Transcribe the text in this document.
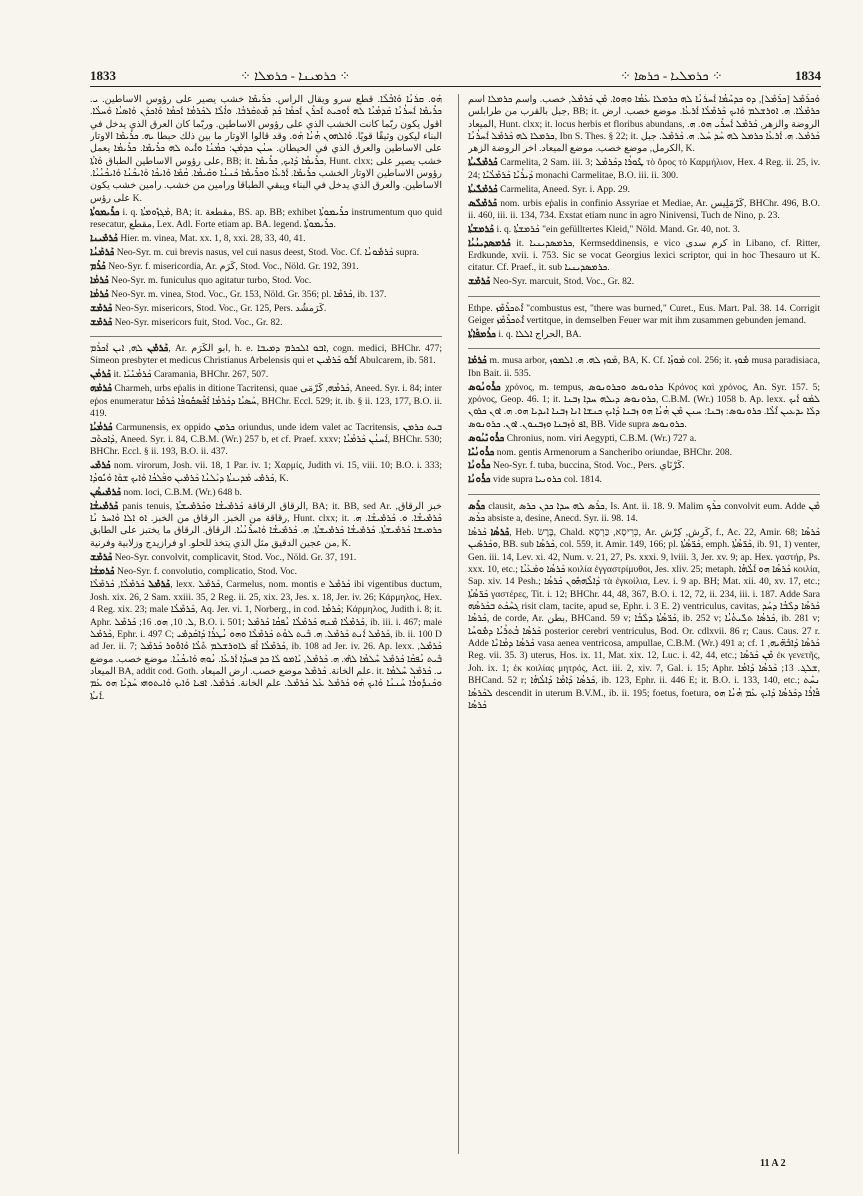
1833	⁘ ܟܪܡܝܢܐ - ܟܪܡܠܐ ⁘	⁘ ܟܪܡܠܝܐ - ܟܪܣܐ ⁘	1834

ܗܰܘ. ܩܪܳܢܳܐ ܘܰܐܒܳܠܳܐ. قطع سرو ويقال الرأس. ܟܪܺܝܡܶܐ خشب يصير على رؤوس الاساطين. ܝ. ܟܪܺܝܡܶܐ ܐܰܚܪܳܢܳܐ ܩܰܕܡܳܝܳܐ ܠܗ ܐܰܘܟܝܬ ܐܰܟܪܶܢ ܐܰܟܡܳܐ ܟܰܕ ܡܶܬܩܰܪܒܳܐ. ܘܐܳܠܳܐ ܠܟܰܪܡܳܐ ܐܰܟܡܳܐ ܘܰܐܟܕܰܢ ܘܰܐܣܝܳܐ ܘܰܚܠܳܐ. اقول يكون ربّما كانت الخشب الذي على رؤوس الاساطين. وربّما كان العرق الذي يدخل في البناء ليكون وثيقًا قويًا. ܘܰܐܠܗܘܢ ܗܳܢܳܐ ܗܰܘ. وقد قالوا الاوتار ما بين ذلك حبطا ܝܗ. ܟܪܺܝܡܶܐ الاوتار على الاساطين والعرق الذي في الحيطان. ܚܢܳܢ ܟܕܡܰܢ: ܟܡܳܢܳܐ ܘܐܺܝܬ ܠܗ ܟܪܺܝܡܶܐ. ܟܪܺܝܡܳܐ يعمل على رؤوس الاساطين الطباق ܘܰܐܬܳܐ, BB; it. ܟܪܺܝܡܳܐ ܕܰܐܝܟ, ܟܪܺܝܡܶܐ, Hunt. clxx; خشب يصير على رؤوس الاساطين الاوتار الخشب ܟܪܺܝܡܶܐ. ܐܰܪܥܳܐ ܘܟܪܺܝܡܶܐ ܟܰܢܢܳܐ ܘܩܰܝܡܳܐ. ܩܳܡܶܐ ܘܰܐܝܟܳܐ ܘܰܐܝܟܳܢܳܐ ܘܰܐܝܟܳܢܳܝܳܐ. الاساطين. والعرق الذي يدخل في البناء ويبقي الطباقا ورامين من خشب. رامين خشب يكون على رؤس K.

ܟܪܺܝܡܘܬܳܐ i. q. ܡܰܓܙܽܘܡܬܳܐ, BA; it. مقطعة, BS. ap. BB; exhibet ܟܪܺܝܡܘܬܳܐ instrumentum quo quid resecatur, مقطع, Lex. Adl. Forte etiam ap. BA. legend. ܟܪܺܝܡܘܬܳܐ.

ܟܰܪܡܺܝܢܐ Hier. m. vinea, Mat. xx. 1, 8, xxi. 28, 33, 40, 41.

ܟܰܪܡܰܢܳܐ Neo-Syr. m. cui brevis nasus, vel cui nasus deest, Stod. Voc. Cf. ܟܰܪܡܽܘܢܳܐ supra.

ܟܰܪܰܡ Neo-Syr. f. misericordia, Ar. كَرَم, Stod. Voc., Nöld. Gr. 192, 391.

ܟܰܪܡܳܐ Neo-Syr. m. funiculus quo agitatur turbo, Stod. Voc.

ܟܰܪܡܳܐ Neo-Syr. m. vinea, Stod. Voc., Gr. 153, Nöld. Gr. 356; pl. ܟܰܪܡܶܐ, ib. 137.

ܟܰܪܡܶܫ Neo-Syr. misericors, Stod. Voc., Gr. 125, Pers. كَرَمشُد.

ܟܰܪܡܶܫ Neo-Syr. misericors fuit, Stod. Voc., Gr. 82.

ܟܰܪܡܺܢ ܠܗ, ܐܝܢ ܐܰܟܪܰܡ, Ar. ابو الكَرَم, h. e. ܐܒܘ ܐܠܟܪܡ ܕܡܝܒܐ, cogn. medici, BHChr. 477; Simeon presbyter et medicus Christianus Arbelensis qui et ܐܰܒܽܘ ܟܰܪܡܺܝܢ Abulcarem, ib. 581.

ܟܰܪܡܳܢ it. ܟܰܪܡܳܢܺܝܰܐ Caramania, BHChr. 267, 507.

ܟܰܪܡܰܗ Charmeh, urbs eṗalis in ditione Tacritensi, quae ܟܰܪܡܳܗ, كَرْمَى, Aneed. Syr. i. 84; inter eṗos enumeratur ܚܰܣܝܳܐ ܕܟܰܪܡܳܐ ܐܰܦܶܣܩܽܘܦܳܐ ܟܰܪܡܳܐ, BHChr. Eccl. 529; it. ib. § ii. 123, 177, B.O. ii. 419.

ܟܰܪܡܳܝܳܐ Carmunensis, ex oppido ܟܪܡܢ oriundus, unde idem valet ac Tacritensis, ܒܝܬ ܟܪܡܢ ܕܰܐܟܬܶܒ, Aneed. Syr. i. 84, C.B.M. (Wr.) 257 b, et cf. Praef. xxxv; ܐܰܚܢܳܢ ܟܰܪܡܳܝܳܐ, BHChr. 530; BHChr. Eccl. § ii. 193, B.O. ii. 437.

ܟܰܪܡܺܝ nom. virorum, Josh. vii. 18, 1 Par. iv. 1; Χαρμίς, Judith vi. 15, viii. 10; B.O. i. 333; ܟܰܪܡܺܝ ܡܰܕܝܢܬܳܐ ܕܝܰܠܢܳܐ ܟܰܪܡܺܝܢ ܘܦܰܠܟܳܐ ܘܰܐܝܟ ܫܘܰܐ ܘܰܝܽܘܕܳܐ, K.

ܟܰܪܡܺܝܣܳܢ nom. loci, C.B.M. (Wr.) 648 b.

ܟܰܪܡܺܝܫܳܐ panis tenuis, الرقاق الرقاقة ܟܰܪܡܺܝܫܳܐ ܘܟܰܪܡܺܝܫܬܳܐ, BA; it. BB, sed Ar. خبز الرقاق, رقاقة من الخبز. الرقاق من الخبز. ܐܘ ܐܠܐ ܘܰܐܚܪ ܢܳܐ, Hunt. clxx; it. ܟܰܪܡܺܝܫܳܐ. ܘ. ܟܰܪܡܺܝܫܳܐ. ܗ. ܟܪܡܝܫܐ ܟܰܪܡܺܝܫܬܳܐ. ܟܰܪܡܺܝܫܳܐ ܟܰܪܡܺܝܫܬܳܐ. ܗ. ܟܰܪܡܺܝܫܳܐ ܘܰܐܚܪܶܢܳܝܳܐ. الرقاق. الرقاق ما يختبز على الطابق من عجين الدقيق مثل الذي يتخذ للحلو. او فرازيدج وزلابية وفرنية, K.

ܟܰܪܡܶܫ Neo-Syr. convolvit, complicavit, Stod. Voc., Nöld. Gr. 37, 191.

ܟܰܪܡܫܳܐ Neo-Syr. f. convolutio, complicatio, Stod. Voc.

ܟܰܪܡܶܠ ܟܰܪܡܶܠܳܐ, ܟܰܪܡܶܠܳܐ, lexx. ܟܰܪܡܶܠ, Carmelus, nom. montis e ܟܰܪܡܶܠ ibi vigentibus ductum, Josh. xix. 26, 2 Sam. xxiii. 35, 2 Reg. ii. 25, xix. 23, Jes. x. 18, Jer. iv. 26; Κάρμηλος, Hex. 4 Reg. xix. 23; male ܟܰܪܡܶܠܳܐ, Aq. Jer. vi. 1, Norberg., in cod. ܟܰܪܡܳܐ; Κάρμηλος, Judith i. 8; it. Aphr. ܠ. 10, ܗܘ. 16; ܟܰܪܡܶܠ, B.O. i. 501; ܟܰܪܡܶܠܳܐ ܡܶܢܗ ܟܰܪܡܶܠܳܐ ܢܳܦܩܳܐ ܟܰܪܡܶܠ, ib. iii. i. 467; male ܟܰܪܡܶܠ, Ephr. i. 497 C; ܟܰܪܡܶܠ ܐܰܢܬ ܟܰܪܡܶܠ. ܗ. ܒܶܝܬ ܠܘܳܬ ܟܰܪܡܶܠܳܐ ܘܗܘ ܢܳܛܪܳܐ ܕܰܐܩܰܕܡܺܝ, ib. ii. 100 D ad Jer. ii. 7; ܟܰܪܡܶܠܳܐ ܐܳܦ ܠܐܘܪܫܠܡ ܬܶܠܳܐ ܘܰܐܘܽܘܪ ܟܰܪܡܶܠ, ib. 108 ad Jer. iv. 26. Ap. lexx. ܟܰܪܡܶܠ, ܒܶܝܬ ܢܳܦܩܳܐ ܟܰܪܡܶܠ ܚܶܠܡܳܐ ܠܗܶܝ. ܗ. ܟܰܪܡܶܠ, ܝܰܐܡܘ ܠܰܐ ܟܕ ܦܚܕܳܐ ܐܰܪܥܳܐ. ܢܳܘܗ ܘܰܐܝܟܳܢܳܐ. موضع خصب. موضع الميعاد BA, addit cod. Goth. علم الخانة. ܟܰܪܡܶܠ موضع خصب. ارض الميعاد. it. ܝ. ܟܰܪܡܶܠ ܚܶܠܡܳܐ ܘܟܰܢܕܽܘܪܳܐ ܚܰܢܢܳܐ ܘܰܐܝܟ ܗܰܘ ܟܰܪܡܶܠ ܥܰܠ ܟܰܪܡܶܠ. علم الخانة. ܟܰܪܡܶܠ. ܐܦܝܐ ܘܰܐܝܟ ܘܰܐܝܬܘܗܝ ܚܰܕܝܳܐ ܗܘ ܥܰܡ ܐܰܢܬܳܐ.

ܘܰܟܪܶܡܶܠ [ܟܪܶܡܶܠ], ܕܘ ܟܕܚܶܡܳܐ ܐܰܚܪܳܢܳܐ ܠܗ ܟܪܡܠܐ ܥܰܡܳܐ ܘܗܘܐ. ܡܶܢ ܟܰܪܡܶܠ, خصب. واسم ܟܪܡܠܐ اسم جبل بالقرب من طرابلس, BB; it. ܟܪܡܶܠܳܐ. ܗ. ܐܘܪܫܠܡ ܘܰܐܝܟ ܟܰܪܡܶܠܳܐ ܐܰܪܥܳܐ. موضع خصب. ارض الميعاد, Hunt. clxx; it. locus herbis et floribus abundans, الروضة والزهر, ܟܰܪܡܶܠ ܐܰܚܪܺܝ ܗܘ. ܗ. ܟܪܡܠܐ ܠܗ ܟܰܪܡܶܠ ܐܰܚܪܳܢܳܐ, Ibn S. Thes. § 22; it. ܟܰܪܡܶܠ. ܗ. ܐܰܪܥܳܐ ܟܪܡܠ ܠܗ ܚܰܕ ܚܰܠ. ܗ. ܟܰܪܡܶܠ. جبل الكرمل, موضع خصب. موضع الميعاد. اخر الروضة الزهر, K.

ܟܰܪܡܶܠܺܝܬܳܐ Carmelita, 2 Sam. iii. 3; ܛܽܘܪܳܐ ܕܟܰܪܡܶܠ τὸ ὄρος τὸ Καρμήλιον, Hex. 4 Reg. ii. 25, iv. 24; ܕܰܝܪܳܝܶܐ ܟܰܪܡܶܠܳܝܶܐ monachi Carmelitae, B.O. iii. ii. 300.

ܟܰܪܡܶܠܺܝܬܳܐ Carmelita, Aneed. Syr. i. App. 29.

ܟܰܪܡܶܠܶܣ nom. urbis eṗalis in confinio Assyriae et Mediae, Ar. كَرْمَلِيس, BHChr. 496, B.O. ii. 460, iii. ii. 134, 734. Exstat etiam nunc in agro Ninivensi, Tuch de Nino, p. 23.

ܟܰܪܡܫܬܳܐ i. q. ܟܰܪܡܫܬܳܐ "ein gefülltertes Kleid," Nöld. Mand. Gr. 40, not. 3.

ܟܰܪܡܣܕܝܢܳܝܳܐ it. ܟܪܡܣܕܝܢܝܐ, Kermseddinensis, e vico كرم سدى in Libano, cf. Ritter, Erdkunde, xvii. i. 753. Sic se vocat Georgius lexici scriptor, qui in hoc Thesauro ut K. citatur. Cf. Praef., it. sub ܟܪܡܣܕܝܢܝܐ.

ܟܰܪܡܶܫ Neo-Syr. marcuit, Stod. Voc., Gr. 82.

Ethpe. ܐܶܬܟܪܶܡܶܙ "combustus est, "there was burned," Curet., Eus. Mart. Pal. 38. 14. Corrigit Geiger ܐܶܬܟܪܶܡܶܙ vertitque, in demselben Feuer war mit ihm zusammen gebunden jemand.

ܟܪܳܡܦܰܐܬܳܐ i. q. الحراج ܐܠܠܐ, BA.

ܟܰܪܡܰܐ m. musa arbor, ܡܰܘܙ ܠܗ. ܗ. ܐܠܡܘܙ, BA, K. Cf. ܡܰܘܙܳܐ col. 256; it. ܡܽܘܙ musa paradisiaca, Ibn Bait. ii. 535.

ܟܪܽܘܢܳܘܣ χρόνος, m. tempus, ܟܪܘܢܘܣ ܘܟܪܘܢܘܣ Κρόνος καὶ χρόνος, An. Syr. 157. 5; χρόνος, Geop. 46. 1; it. ܟܪܘܢܘܣ ܕܝܠܗ ܚܕܐ ܙܒܢܐ, C.B.M. (Wr.) 1058 b. Ap. lexx. ܠܡܰܘ ܐܰܝܟ ܕܠܰܐ ܝܕܥܝܢ ܐܶܠܳܐ. ܟܪܘܢܘܣ: ܙܒܢܐ: ܚܢܢ ܡܶܢ ܗܳܢܳܐ ܗܘ ܙܒܢܐ ܕܰܐܝܟ ܟܢܫܐ ܐܢܐ ܙܒܢܐ ܐܝܕܝܐ ܗܘ. ܗ. ܐܘܢ ܟܪܘܢ ܐܦ ܘܰܙܒܢܐ ܘܙܒܢܘܢ. ܐܘܢ. ܟܪܘܢܘܣ, BB. Vide supra ܟܪܘܢܘܣ.

ܟܪܽܘܢܺܝܳܘܣ Chronius, nom. viri Aegypti, C.B.M. (Wr.) 727 a.

ܟܪܽܘܢܳܝܶܐ nom. gentis Armenorum a Sancheribo oriundae, BHChr. 208.

ܟܪܽܘܢܳܐ Neo-Syr. f. tuba, buccina, Stod. Voc., Pers. كَرْنَاي.

ܟܪܽܘܢܳܐ vide supra ܟܪܘܢܝܐ col. 1814.

ܟܪܰܣ clausit, ܟܪܰܣ ܠܗ ܚܕܐ ܟܕܢ ܟܪܣ, Is. Ant. ii. 18. 9. Malim ܟܪܰܟ convolvit eum. Adde ܡܶܢ ܟܪܰܣ absiste a, desine, Anecd. Syr. ii. 98. 14.

ܟܰܪܣܳܐ ܟܰܪܣܳܐ, Heb. בֶּרֶשׂ, Chald. כְּרֵיסָא, כַּרְסָא, Ar. كَرِش, كِرْش, f., Ac. 22, Amir. 68; ܟܰܪܣܳܐ ܘܟܰܪܣܺܝܢ, BB. sub ܟܰܪܣܳܐ, col. 559, it. Amir. 149, 166; pl. ܟܰܪ̈ܣܳܬܳܐ, emph. ܟܰܪ̈ܣܳܬܳܐ, ib. 91, 1) venter, Gen. iii. 14, Lev. xi. 42, Num. v. 21, 27, Ps. xxxi. 9, lviii. 3, Jer. xv. 9; ap. Hex. γαστήρ, Ps. xxx. 10, etc.; ܟܰܪܣܳܐ ܘܡܰܥܰܝܳܐ κοιλία ἐγγαστρίμυθοι, Jes. xliv. 25; metaph. ܟܰܪܣܳܐ ܗܘ ܐܰܠܳܗܳܐ κοιλία, Sap. xiv. 14 Pesh.; ܕܰܐܠܳܗܗܽܘܢ ܟܰܪܣܳܐ τὰ ἐγκοίλια, Lev. i. 9 ap. BH; Mat. xii. 40, xv. 17, etc.; ܟܰܪ̈ܣܳܬܳܐ γαστέρες, Tit. i. 12; BHChr. 44, 48, 367, B.O. i. 12, 72, ii. 234, iii. i. 187. Adde Sara ܓܚܶܟܰܬ ܒܟܰܪܣܳܗ risit clam, tacite, apud se, Ephr. i. 3 E. 2) ventriculus, cavitas, ܟܰܪܣܳܐ ܕܠܶܒܳܐ ܕܚܰܕ ܟܰܪܣܳܐ, de corde, Ar. بطن, BHCand. 59 v; ܟܰܪ̈ܣܳܬܳܐ ܕܠܶܒܳܐ, ib. 252 v; ܟܰܪܣܳܐ ܬܠܺܝܬܳܝܳܐ, ib. 281 v; ܟܰܪܣܳܐ ܒܳܬܪܳܝܳܐ ܕܡܽܘܚܳܐ posterior cerebri ventriculus, Bod. Or. cdlxvii. 86 r; Caus. Caus. 27 r. Adde ܟܰܪܣܳܐ ܕܡܳܐܢܶܐ vasa aenea ventricosa, ampullae, C.B.M. (Wr.) 491 a; cf. ܟܰܪܣܳܐ ܕܰܐܒܶܗ̈ܝܗ, 1 Reg. vii. 35. 3) uterus, Hos. ix. 11, Mat. xix. 12, Luc. i. 42, 44, etc.; ܡܶܢ ܟܰܪܣܳܐ ἐκ γενετῆς, Joh. ix. 1; ἐκ κοιλίας μητρός, Act. iii. 2, xiv. 7, Gal. i. 15; Aphr. ܫܠܓ. 13; ܟܰܪܣܳܐ ܕܰܐܡܳܐ, BHCand. 52 r; ܟܰܪܣܳܐ ܕܰܐܡܳܐ ܕܰܐܠܳܗܳܐ, ib. 123, Ephr. ii. 446 E; it. B.O. i. 133, 140, etc.; ܢܚܶܬ ܠܟܰܪܣܳܐ descendit in uterum B.V.M., ib. ii. 195; foetus, foetura, ܦܺܐܪܳܐ ܕܟܰܪܣܳܐ ܕܰܐܝܟ ܥܰܡ ܗܳܢܳܐ ܗܘ ܟܰܪܣܳܐ

11 A 2
